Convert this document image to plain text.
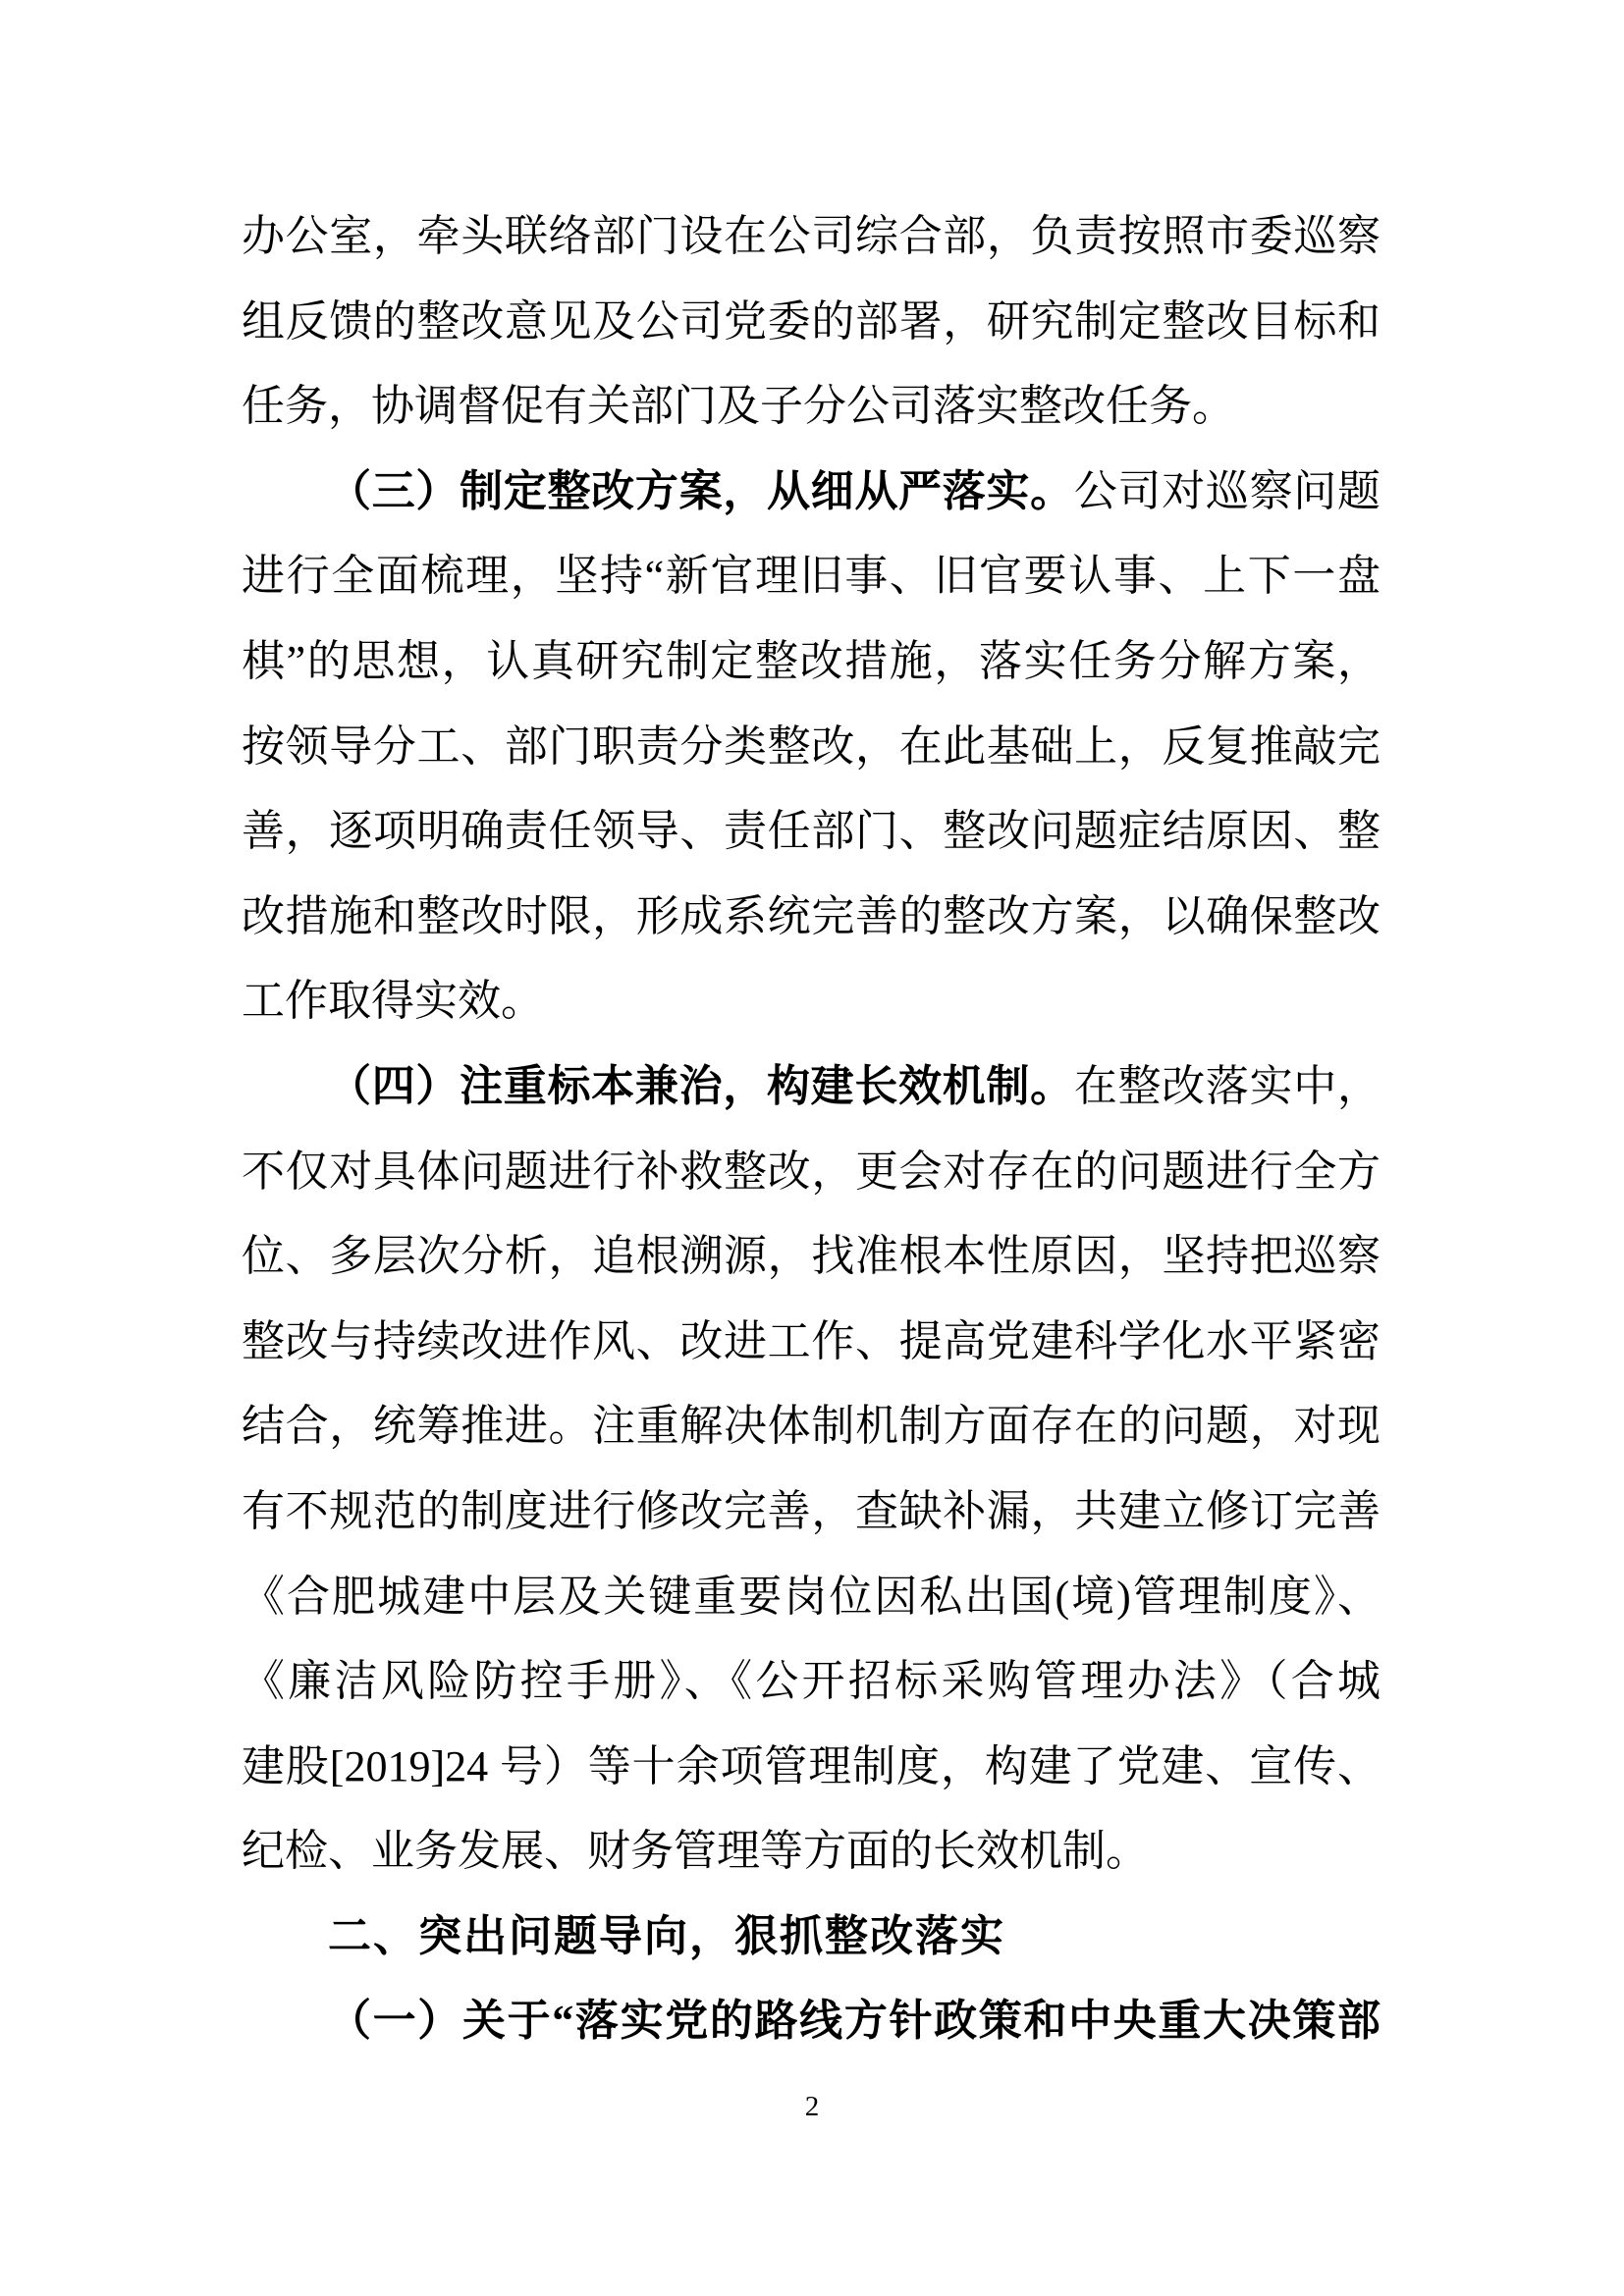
办公室，牵头联络部门设在公司综合部，负责按照市委巡察
组反馈的整改意见及公司党委的部署，研究制定整改目标和
任务，协调督促有关部门及子分公司落实整改任务。
（三）制定整改方案，从细从严落实。公司对巡察问题
进行全面梳理，坚持“新官理旧事、旧官要认事、上下一盘
棋”的思想，认真研究制定整改措施，落实任务分解方案，
按领导分工、部门职责分类整改，在此基础上，反复推敲完
善，逐项明确责任领导、责任部门、整改问题症结原因、整
改措施和整改时限，形成系统完善的整改方案，以确保整改
工作取得实效。
（四）注重标本兼治，构建长效机制。在整改落实中，
不仅对具体问题进行补救整改，更会对存在的问题进行全方
位、多层次分析，追根溯源，找准根本性原因，坚持把巡察
整改与持续改进作风、改进工作、提高党建科学化水平紧密
结合，统筹推进。注重解决体制机制方面存在的问题，对现
有不规范的制度进行修改完善，查缺补漏，共建立修订完善
《合肥城建中层及关键重要岗位因私出国(境)管理制度》、
《廉洁风险防控手册》、《公开招标采购管理办法》（合城
建股[2019]24 号）等十余项管理制度，构建了党建、宣传、
纪检、业务发展、财务管理等方面的长效机制。
二、突出问题导向，狠抓整改落实
（一）关于“落实党的路线方针政策和中央重大决策部
2
